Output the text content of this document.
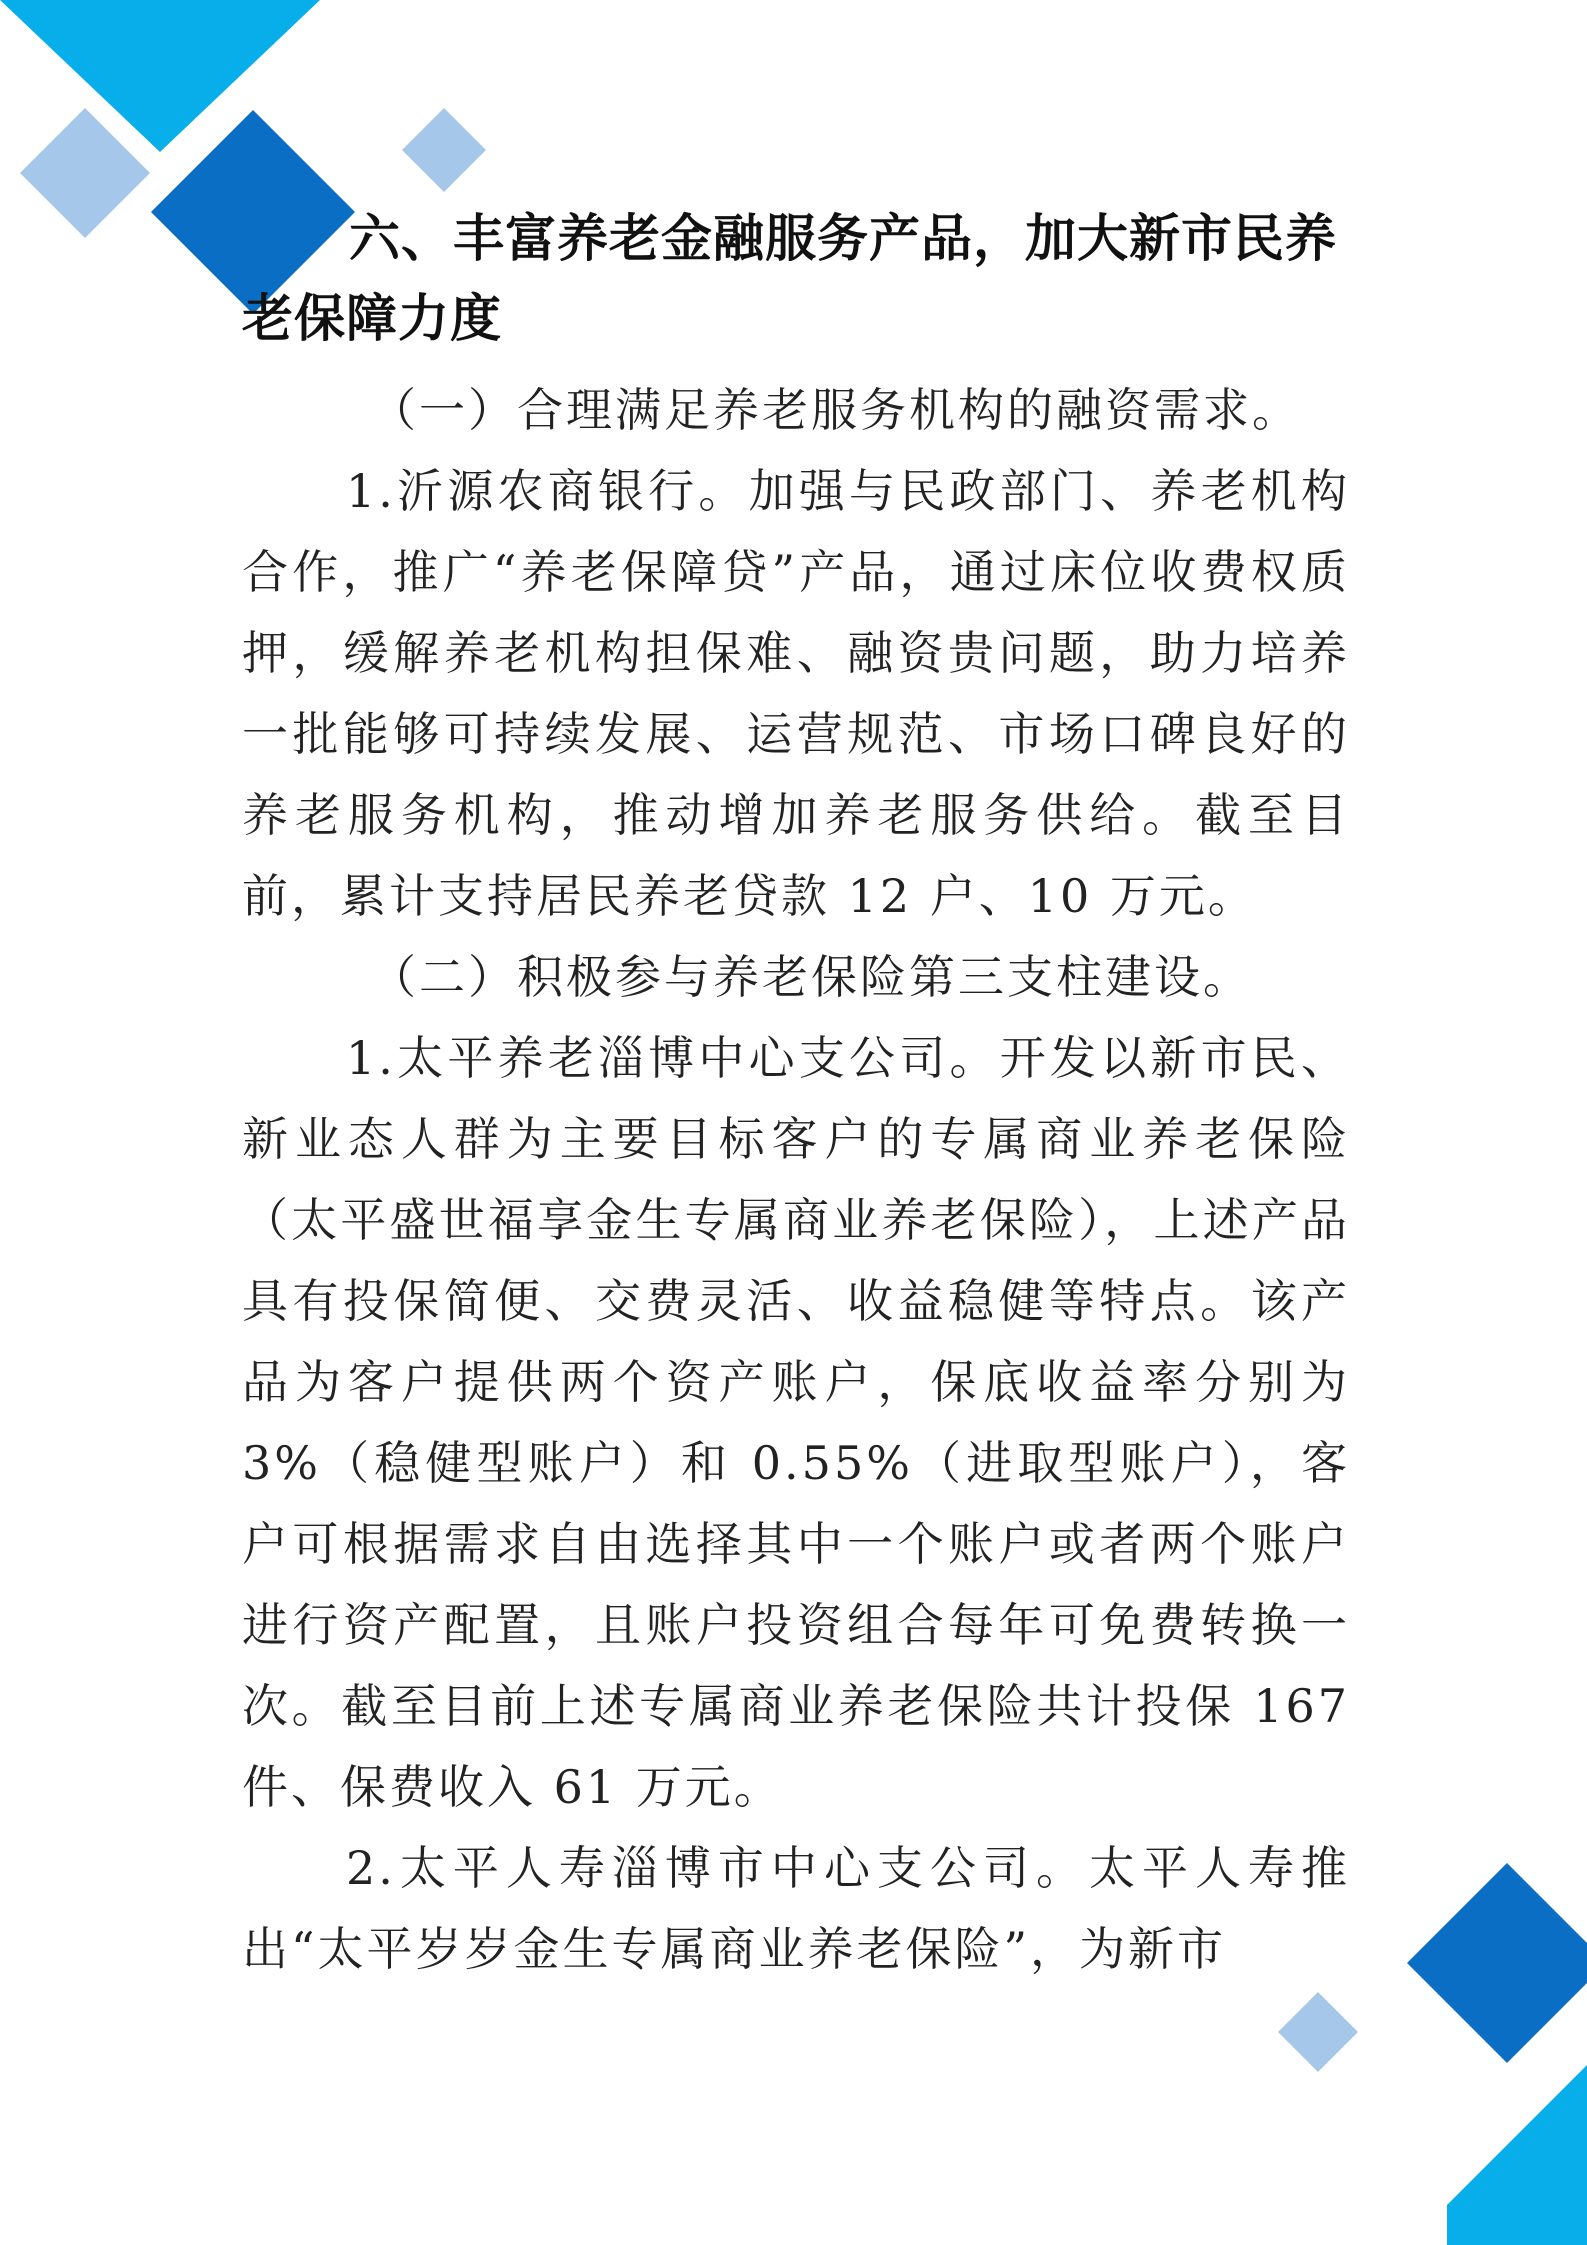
六、丰富养老金融服务产品，加大新市民养老保障力度

（一）合理满足养老服务机构的融资需求。

1.沂源农商银行。加强与民政部门、养老机构合作，推广“养老保障贷”产品，通过床位收费权质押，缓解养老机构担保难、融资贵问题，助力培养一批能够可持续发展、运营规范、市场口碑良好的养老服务机构，推动增加养老服务供给。截至目前，累计支持居民养老贷款 12 户、10 万元。

（二）积极参与养老保险第三支柱建设。

1.太平养老淄博中心支公司。开发以新市民、新业态人群为主要目标客户的专属商业养老保险（太平盛世福享金生专属商业养老保险），上述产品具有投保简便、交费灵活、收益稳健等特点。该产品为客户提供两个资产账户，保底收益率分别为 3%（稳健型账户）和 0.55%（进取型账户），客户可根据需求自由选择其中一个账户或者两个账户进行资产配置，且账户投资组合每年可免费转换一次。截至目前上述专属商业养老保险共计投保 167 件、保费收入 61 万元。

2.太平人寿淄博市中心支公司。太平人寿推出“太平岁岁金生专属商业养老保险”，为新市
